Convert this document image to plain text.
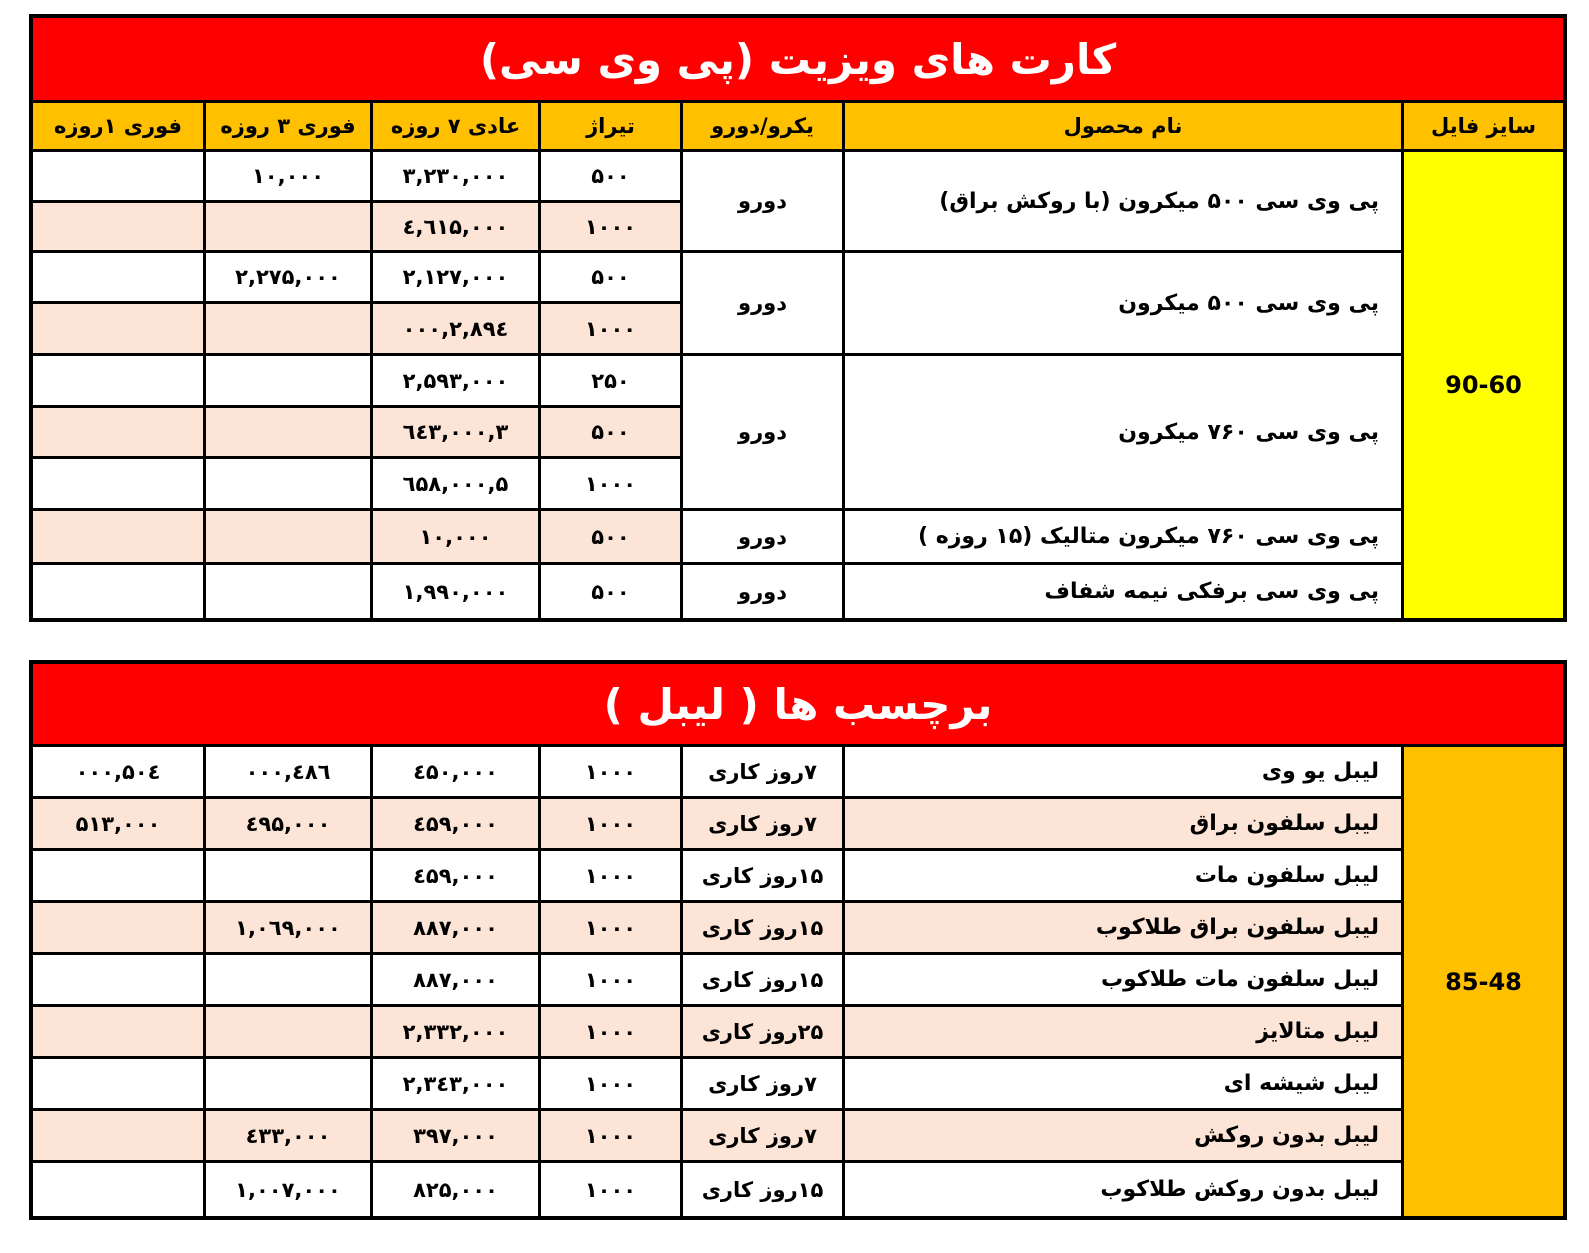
کارت های ویزیت (پی وی سی)
سایز فایل
نام محصول
یکرو/دورو
تیراژ
عادی ۷ روزه
فوری ۳ روزه
فوری ۱روزه
90-60
پی وی سی ۵۰۰ میکرون (با روکش براق)
پی وی سی ۵۰۰ میکرون
پی وی سی ۷۶۰ میکرون
پی وی سی ۷۶۰ میکرون متالیک (۱۵ روزه )
پی وی سی برفکی نیمه شفاف
دورو
دورو
دورو
دورو
دورو
۵۰۰
۳,۲۳۰,۰۰۰
۱۰,۰۰۰
۱۰۰۰
٤,٦۱۵,۰۰۰
۵۰۰
۲,۱۲۷,۰۰۰
۲,۲۷۵,۰۰۰
۱۰۰۰
۲,۸۹٤,۰۰۰
۲۵۰
۲,۵۹۳,۰۰۰
۵۰۰
۳,٦٤۳,۰۰۰
۱۰۰۰
۵,٦۵۸,۰۰۰
۵۰۰
۱۰,۰۰۰
۵۰۰
۱,۹۹۰,۰۰۰
برچسب ها ( لیبل )
85-48
لیبل یو وی
۷روز کاری
۱۰۰۰
٤۵۰,۰۰۰
٤۸٦,۰۰۰
۵۰٤,۰۰۰
لیبل سلفون براق
۷روز کاری
۱۰۰۰
٤۵۹,۰۰۰
٤۹۵,۰۰۰
۵۱۳,۰۰۰
لیبل سلفون مات
۱۵روز کاری
۱۰۰۰
٤۵۹,۰۰۰
لیبل سلفون براق طلاکوب
۱۵روز کاری
۱۰۰۰
۸۸۷,۰۰۰
۱,۰٦۹,۰۰۰
لیبل سلفون مات طلاکوب
۱۵روز کاری
۱۰۰۰
۸۸۷,۰۰۰
لیبل متالایز
۲۵روز کاری
۱۰۰۰
۲,۳۳۲,۰۰۰
لیبل شیشه ای
۷روز کاری
۱۰۰۰
۲,۳٤۳,۰۰۰
لیبل بدون روکش
۷روز کاری
۱۰۰۰
۳۹۷,۰۰۰
٤۳۳,۰۰۰
لیبل بدون روکش طلاکوب
۱۵روز کاری
۱۰۰۰
۸۲۵,۰۰۰
۱,۰۰۷,۰۰۰
